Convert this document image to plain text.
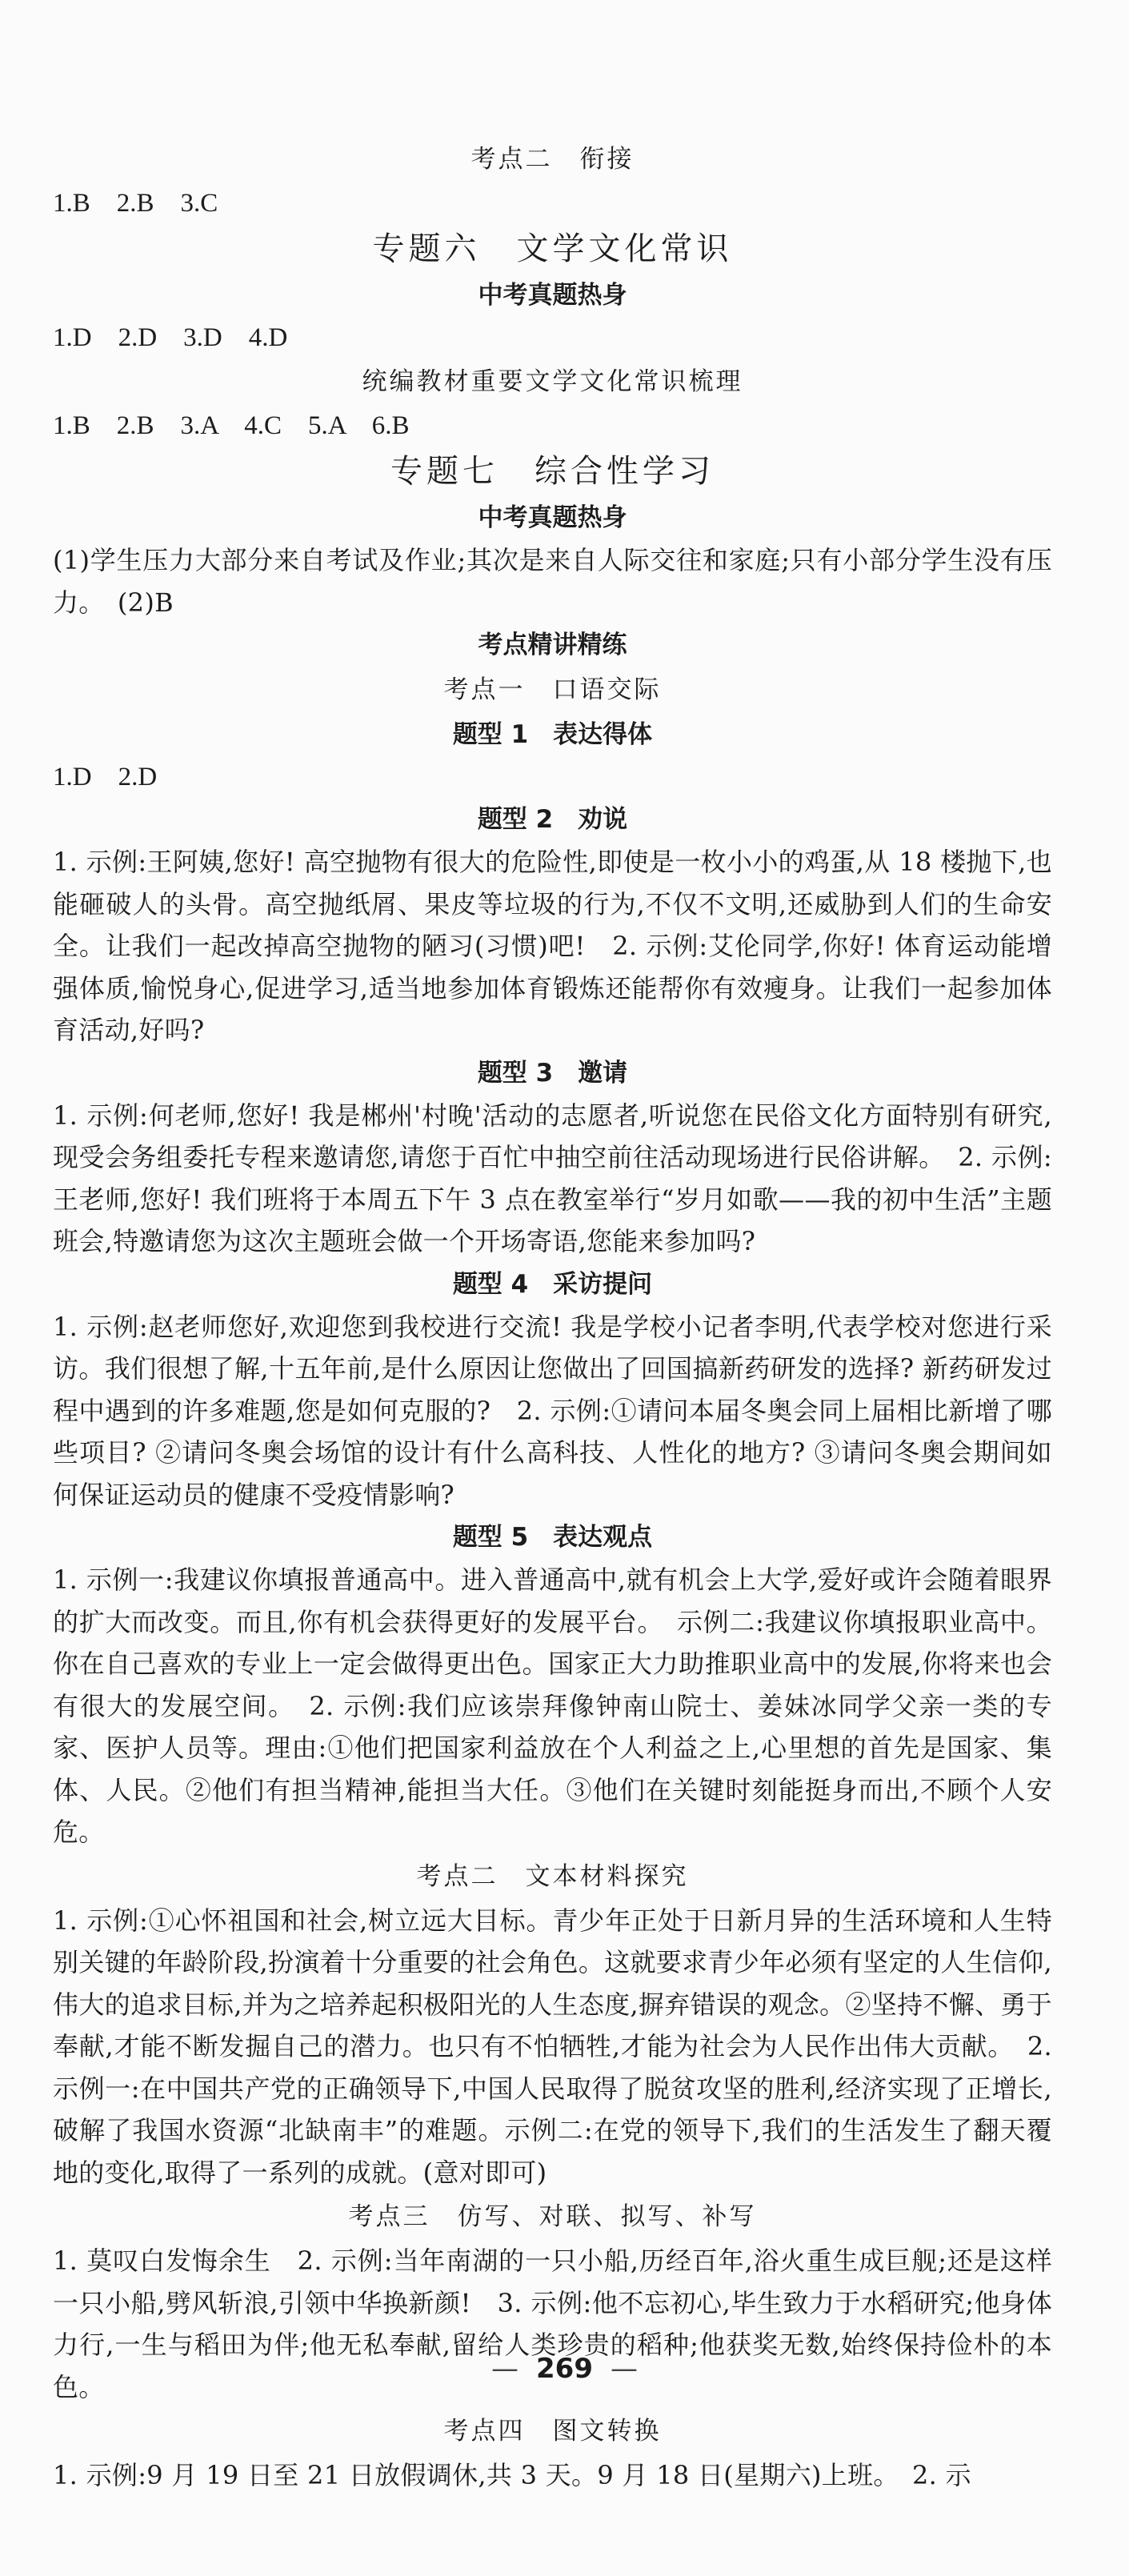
考点二　衔接

1.B　2.B　3.C

专题六　文学文化常识

中考真题热身

1.D　2.D　3.D　4.D

统编教材重要文学文化常识梳理

1.B　2.B　3.A　4.C　5.A　6.B

专题七　综合性学习

中考真题热身

(1)学生压力大部分来自考试及作业;其次是来自人际交往和家庭;只有小部分学生没有压力。　(2)B

考点精讲精练

考点一　口语交际

题型 1　表达得体

1.D　2.D

题型 2　劝说

1. 示例:王阿姨,您好! 高空抛物有很大的危险性,即使是一枚小小的鸡蛋,从 18 楼抛下,也能砸破人的头骨。高空抛纸屑、果皮等垃圾的行为,不仅不文明,还威胁到人们的生命安全。让我们一起改掉高空抛物的陋习(习惯)吧!　2. 示例:艾伦同学,你好! 体育运动能增强体质,愉悦身心,促进学习,适当地参加体育锻炼还能帮你有效瘦身。让我们一起参加体育活动,好吗?

题型 3　邀请

1. 示例:何老师,您好! 我是郴州'村晚'活动的志愿者,听说您在民俗文化方面特别有研究,现受会务组委托专程来邀请您,请您于百忙中抽空前往活动现场进行民俗讲解。　2. 示例:王老师,您好! 我们班将于本周五下午 3 点在教室举行“岁月如歌——我的初中生活”主题班会,特邀请您为这次主题班会做一个开场寄语,您能来参加吗?

题型 4　采访提问

1. 示例:赵老师您好,欢迎您到我校进行交流! 我是学校小记者李明,代表学校对您进行采访。我们很想了解,十五年前,是什么原因让您做出了回国搞新药研发的选择? 新药研发过程中遇到的许多难题,您是如何克服的?　2. 示例:①请问本届冬奥会同上届相比新增了哪些项目? ②请问冬奥会场馆的设计有什么高科技、人性化的地方? ③请问冬奥会期间如何保证运动员的健康不受疫情影响?

题型 5　表达观点

1. 示例一:我建议你填报普通高中。进入普通高中,就有机会上大学,爱好或许会随着眼界的扩大而改变。而且,你有机会获得更好的发展平台。　示例二:我建议你填报职业高中。你在自己喜欢的专业上一定会做得更出色。国家正大力助推职业高中的发展,你将来也会有很大的发展空间。　2. 示例:我们应该崇拜像钟南山院士、姜妹冰同学父亲一类的专家、医护人员等。理由:①他们把国家利益放在个人利益之上,心里想的首先是国家、集体、人民。②他们有担当精神,能担当大任。③他们在关键时刻能挺身而出,不顾个人安危。

考点二　文本材料探究

1. 示例:①心怀祖国和社会,树立远大目标。青少年正处于日新月异的生活环境和人生特别关键的年龄阶段,扮演着十分重要的社会角色。这就要求青少年必须有坚定的人生信仰,伟大的追求目标,并为之培养起积极阳光的人生态度,摒弃错误的观念。②坚持不懈、勇于奉献,才能不断发掘自己的潜力。也只有不怕牺牲,才能为社会为人民作出伟大贡献。　2. 示例一:在中国共产党的正确领导下,中国人民取得了脱贫攻坚的胜利,经济实现了正增长,破解了我国水资源“北缺南丰”的难题。示例二:在党的领导下,我们的生活发生了翻天覆地的变化,取得了一系列的成就。(意对即可)

考点三　仿写、对联、拟写、补写

1. 莫叹白发悔余生　2. 示例:当年南湖的一只小船,历经百年,浴火重生成巨舰;还是这样一只小船,劈风斩浪,引领中华换新颜!　3. 示例:他不忘初心,毕生致力于水稻研究;他身体力行,一生与稻田为伴;他无私奉献,留给人类珍贵的稻种;他获奖无数,始终保持俭朴的本色。

考点四　图文转换

1. 示例:9 月 19 日至 21 日放假调休,共 3 天。9 月 18 日(星期六)上班。　2. 示

— 269 —
